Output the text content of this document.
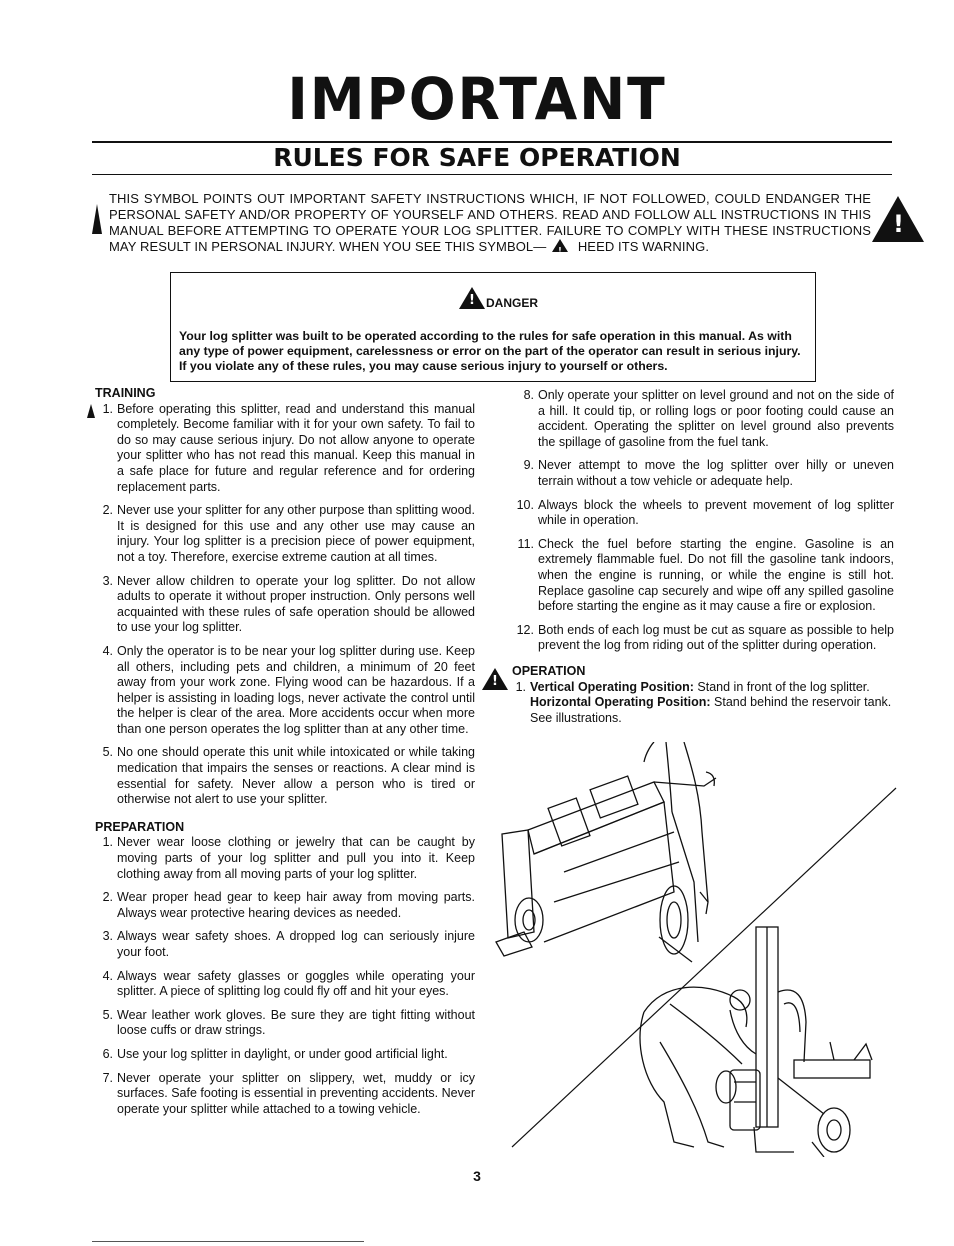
IMPORTANT
RULES FOR SAFE OPERATION
!
THIS SYMBOL POINTS OUT IMPORTANT SAFETY INSTRUCTIONS WHICH, IF NOT FOLLOWED, COULD ENDANGER THE PERSONAL SAFETY AND/OR PROPERTY OF YOURSELF AND OTHERS. READ AND FOLLOW ALL INSTRUCTIONS IN THIS MANUAL BEFORE ATTEMPTING TO OPERATE YOUR LOG SPLITTER. FAILURE TO COMPLY WITH THESE INSTRUCTIONS MAY RESULT IN PERSONAL INJURY. WHEN YOU SEE THIS SYMBOL— ! HEED ITS WARNING.
!
DANGER
Your log splitter was built to be operated according to the rules for safe operation in this manual. As with any type of power equipment, carelessness or error on the part of the operator can result in serious injury. If you violate any of these rules, you may cause serious injury to yourself or others.
TRAINING
1. Before operating this splitter, read and understand this manual completely. Become familiar with it for your own safety. To fail to do so may cause serious injury. Do not allow anyone to operate your splitter who has not read this manual. Keep this manual in a safe place for future and regular reference and for ordering replacement parts.
2. Never use your splitter for any other purpose than splitting wood. It is designed for this use and any other use may cause an injury. Your log splitter is a precision piece of power equipment, not a toy. Therefore, exercise extreme caution at all times.
3. Never allow children to operate your log splitter. Do not allow adults to operate it without proper instruction. Only persons well acquainted with these rules of safe operation should be allowed to use your log splitter.
4. Only the operator is to be near your log splitter during use. Keep all others, including pets and children, a minimum of 20 feet away from your work zone. Flying wood can be hazardous. If a helper is assisting in loading logs, never activate the control until the helper is clear of the area. More accidents occur when more than one person operates the log splitter than at any other time.
5. No one should operate this unit while intoxicated or while taking medication that impairs the senses or reactions. A clear mind is essential for safety. Never allow a person who is tired or otherwise not alert to use your splitter.
PREPARATION
1. Never wear loose clothing or jewelry that can be caught by moving parts of your log splitter and pull you into it. Keep clothing away from all moving parts of your log splitter.
2. Wear proper head gear to keep hair away from moving parts. Always wear protective hearing devices as needed.
3. Always wear safety shoes. A dropped log can seriously injure your foot.
4. Always wear safety glasses or goggles while operating your splitter. A piece of splitting log could fly off and hit your eyes.
5. Wear leather work gloves. Be sure they are tight fitting without loose cuffs or draw strings.
6. Use your log splitter in daylight, or under good artificial light.
7. Never operate your splitter on slippery, wet, muddy or icy surfaces. Safe footing is essential in preventing accidents. Never operate your splitter while attached to a towing vehicle.
8. Only operate your splitter on level ground and not on the side of a hill. It could tip, or rolling logs or poor footing could cause an accident. Operating the splitter on level ground also prevents the spillage of gasoline from the fuel tank.
9. Never attempt to move the log splitter over hilly or uneven terrain without a tow vehicle or adequate help.
10. Always block the wheels to prevent movement of log splitter while in operation.
11. Check the fuel before starting the engine. Gasoline is an extremely flammable fuel. Do not fill the gasoline tank indoors, when the engine is running, or while the engine is still hot. Replace gasoline cap securely and wipe off any spilled gasoline before starting the engine as it may cause a fire or explosion.
12. Both ends of each log must be cut as square as possible to help prevent the log from riding out of the splitter during operation.
!
OPERATION
1. Vertical Operating Position: Stand in front of the log splitter.
Horizontal Operating Position: Stand behind the reservoir tank.
See illustrations.
3
